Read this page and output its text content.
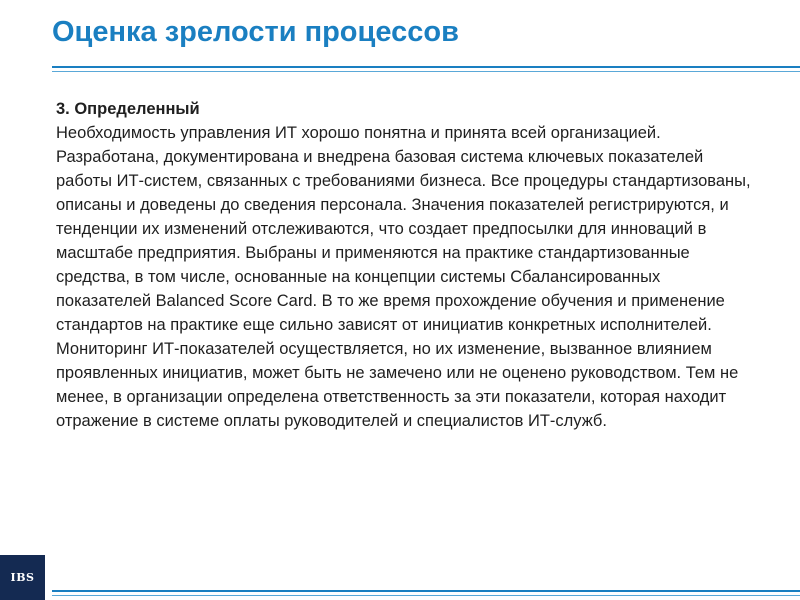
Оценка зрелости процессов
3. Определенный
Необходимость управления ИТ хорошо понятна и принята всей организацией. Разработана, документирована и внедрена базовая система ключевых показателей работы ИТ-систем, связанных с требованиями бизнеса. Все процедуры стандартизованы, описаны и доведены до сведения персонала. Значения показателей регистрируются, и тенденции их изменений отслеживаются, что создает предпосылки для инноваций в масштабе предприятия. Выбраны и применяются на практике стандартизованные средства, в том числе, основанные на концепции системы Сбалансированных показателей Balanced Score Card. В то же время прохождение обучения и применение стандартов на практике еще сильно зависят от инициатив конкретных исполнителей. Мониторинг ИТ-показателей осуществляется, но их изменение, вызванное влиянием проявленных инициатив, может быть не замечено или не оценено руководством. Тем не менее, в организации определена ответственность за эти показатели, которая находит отражение в системе оплаты руководителей и специалистов ИТ-служб.
IBS
